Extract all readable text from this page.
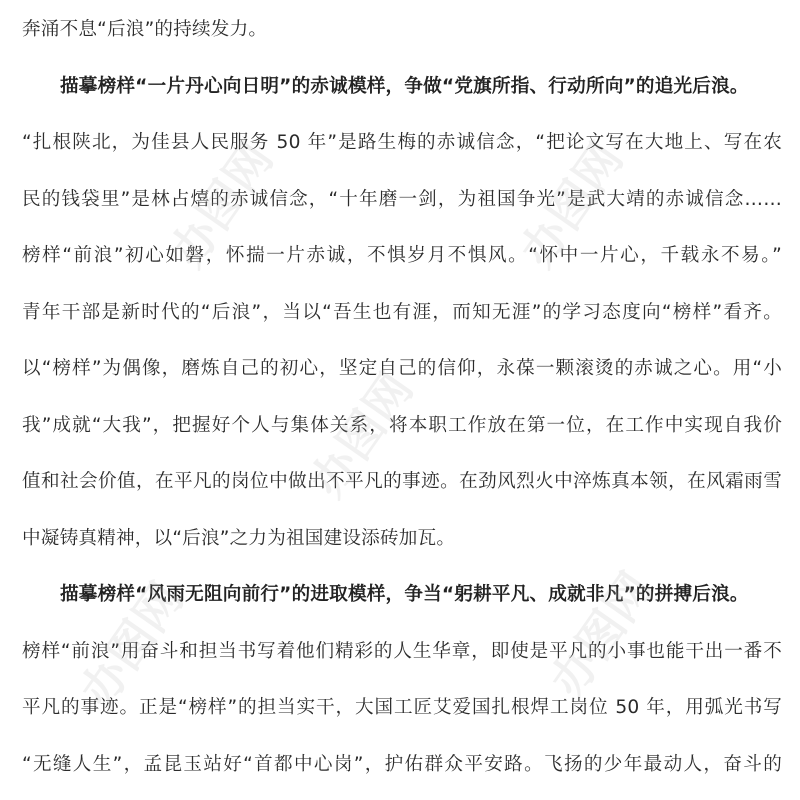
奔涌不息“后浪”的持续发力。
描摹榜样“一片丹心向日明”的赤诚模样，争做“党旗所指、行动所向”的追光后浪。
“扎根陕北，为佳县人民服务 50 年”是路生梅的赤诚信念，“把论文写在大地上、写在农
民的钱袋里”是林占熺的赤诚信念，“十年磨一剑，为祖国争光”是武大靖的赤诚信念……
榜样“前浪”初心如磐，怀揣一片赤诚，不惧岁月不惧风。“怀中一片心，千载永不易。”
青年干部是新时代的“后浪”，当以“吾生也有涯，而知无涯”的学习态度向“榜样”看齐。
以“榜样”为偶像，磨炼自己的初心，坚定自己的信仰，永葆一颗滚烫的赤诚之心。用“小
我”成就“大我”，把握好个人与集体关系，将本职工作放在第一位，在工作中实现自我价
值和社会价值，在平凡的岗位中做出不平凡的事迹。在劲风烈火中淬炼真本领，在风霜雨雪
中凝铸真精神，以“后浪”之力为祖国建设添砖加瓦。
描摹榜样“风雨无阻向前行”的进取模样，争当“躬耕平凡、成就非凡”的拼搏后浪。
榜样“前浪”用奋斗和担当书写着他们精彩的人生华章，即使是平凡的小事也能干出一番不
平凡的事迹。正是“榜样”的担当实干，大国工匠艾爱国扎根焊工岗位 50 年，用弧光书写
“无缝人生”，孟昆玉站好“首都中心岗”，护佑群众平安路。飞扬的少年最动人，奋斗的
办图网	办图网
办图网
办图网	办图网
